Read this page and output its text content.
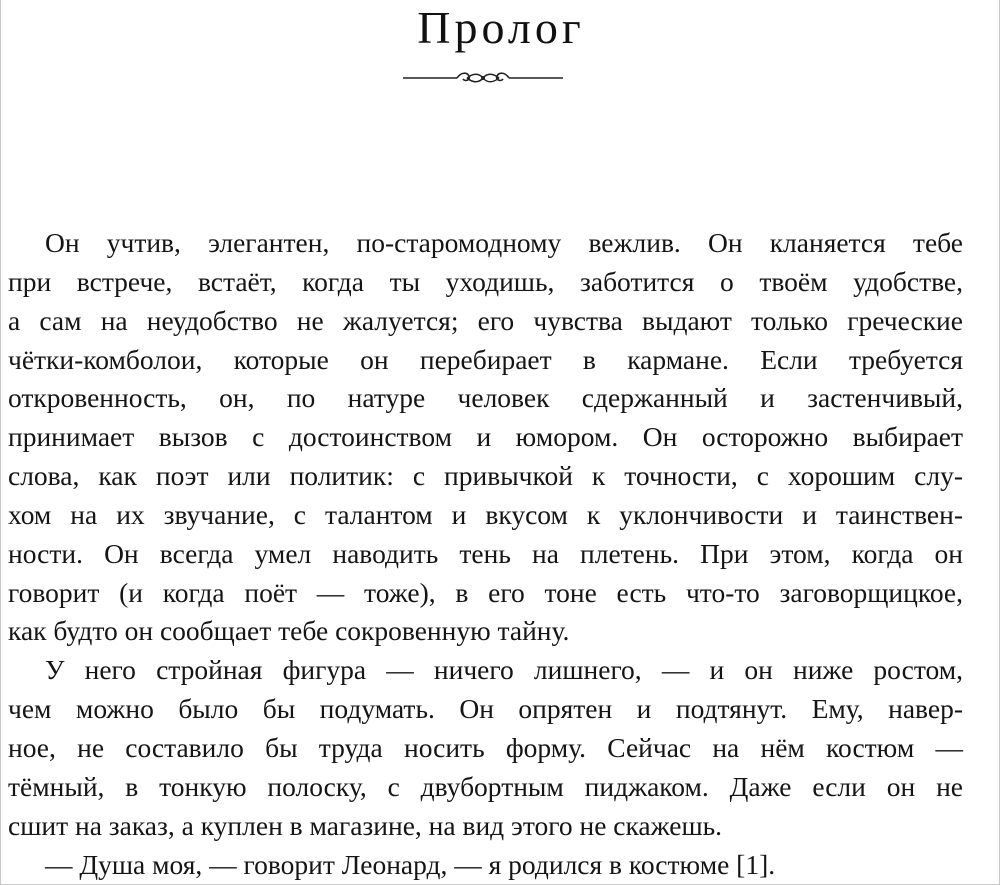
Пролог
Он учтив, элегантен, по-старомодному вежлив. Он кланяется тебе
при встрече, встаёт, когда ты уходишь, заботится о твоём удобстве,
а сам на неудобство не жалуется; его чувства выдают только греческие
чётки-комболои, которые он перебирает в кармане. Если требуется
откровенность, он, по натуре человек сдержанный и застенчивый,
принимает вызов с достоинством и юмором. Он осторожно выбирает
слова, как поэт или политик: с привычкой к точности, с хорошим слу-
хом на их звучание, с талантом и вкусом к уклончивости и таинствен-
ности. Он всегда умел наводить тень на плетень. При этом, когда он
говорит (и когда поёт — тоже), в его тоне есть что-то заговорщицкое,
как будто он сообщает тебе сокровенную тайну.
У него стройная фигура — ничего лишнего, — и он ниже ростом,
чем можно было бы подумать. Он опрятен и подтянут. Ему, навер-
ное, не составило бы труда носить форму. Сейчас на нём костюм —
тёмный, в тонкую полоску, с двубортным пиджаком. Даже если он не
сшит на заказ, а куплен в магазине, на вид этого не скажешь.
— Душа моя, — говорит Леонард, — я родился в костюме [1].
